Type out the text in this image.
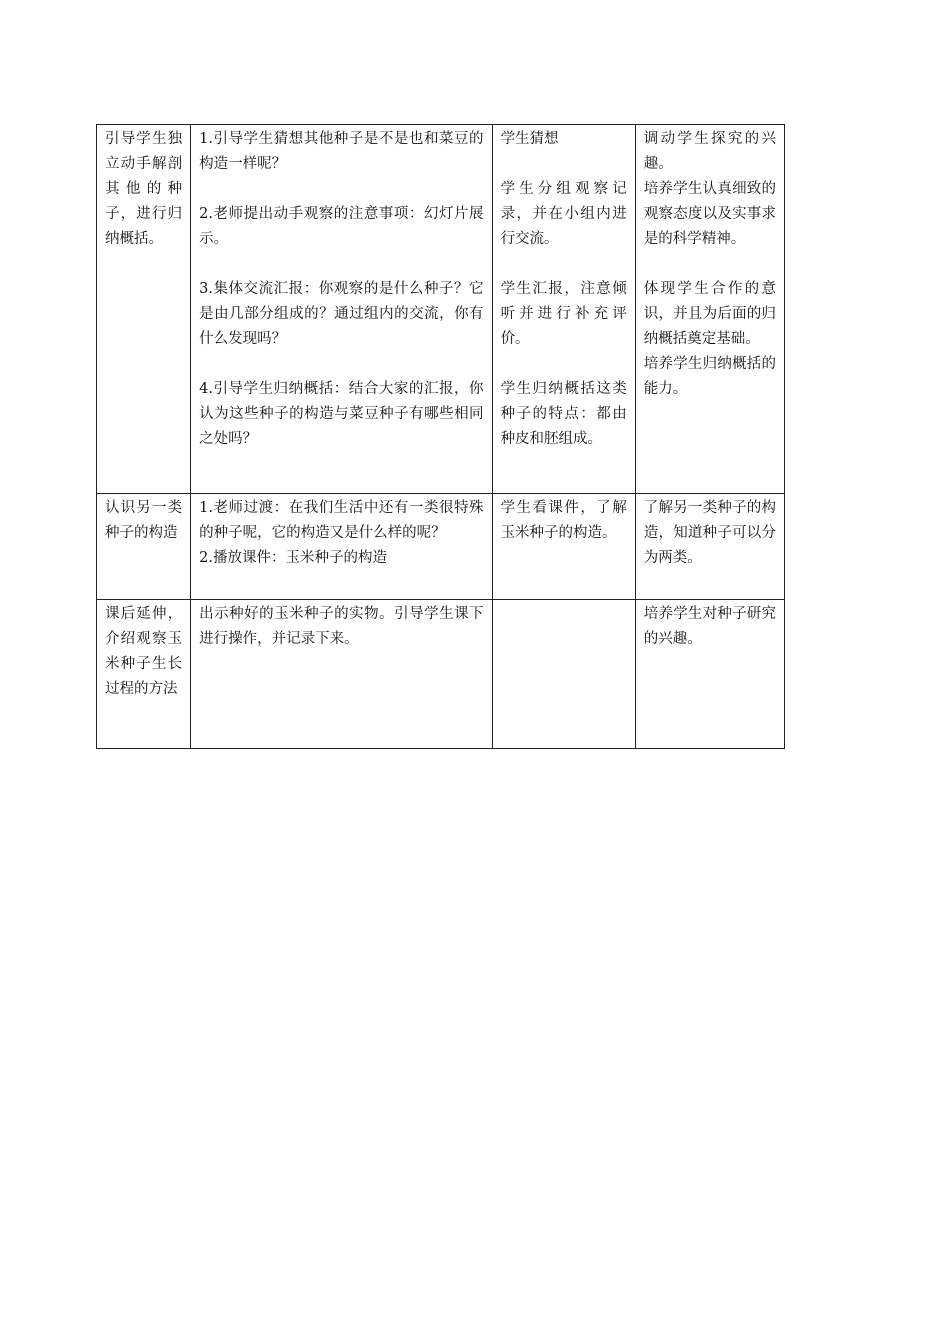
引导学生独立动手解剖其他的种子，进行归纳概括。	1.引导学生猜想其他种子是不是也和菜豆的构造一样呢？
2.老师提出动手观察的注意事项：幻灯片展示。
3.集体交流汇报：你观察的是什么种子？它是由几部分组成的？通过组内的交流，你有什么发现吗？
4.引导学生归纳概括：结合大家的汇报，你认为这些种子的构造与菜豆种子有哪些相同之处吗？	学生猜想
学生分组观察记录，并在小组内进行交流。
学生汇报，注意倾听并进行补充评价。
学生归纳概括这类种子的特点：都由种皮和胚组成。	调动学生探究的兴趣。
培养学生认真细致的观察态度以及实事求是的科学精神。
体现学生合作的意识，并且为后面的归纳概括奠定基础。
培养学生归纳概括的能力。

认识另一类种子的构造	1.老师过渡：在我们生活中还有一类很特殊的种子呢，它的构造又是什么样的呢？
2.播放课件：玉米种子的构造	学生看课件，了解玉米种子的构造。	了解另一类种子的构造，知道种子可以分为两类。

课后延伸，介绍观察玉米种子生长过程的方法	出示种好的玉米种子的实物。引导学生课下进行操作，并记录下来。		培养学生对种子研究的兴趣。
